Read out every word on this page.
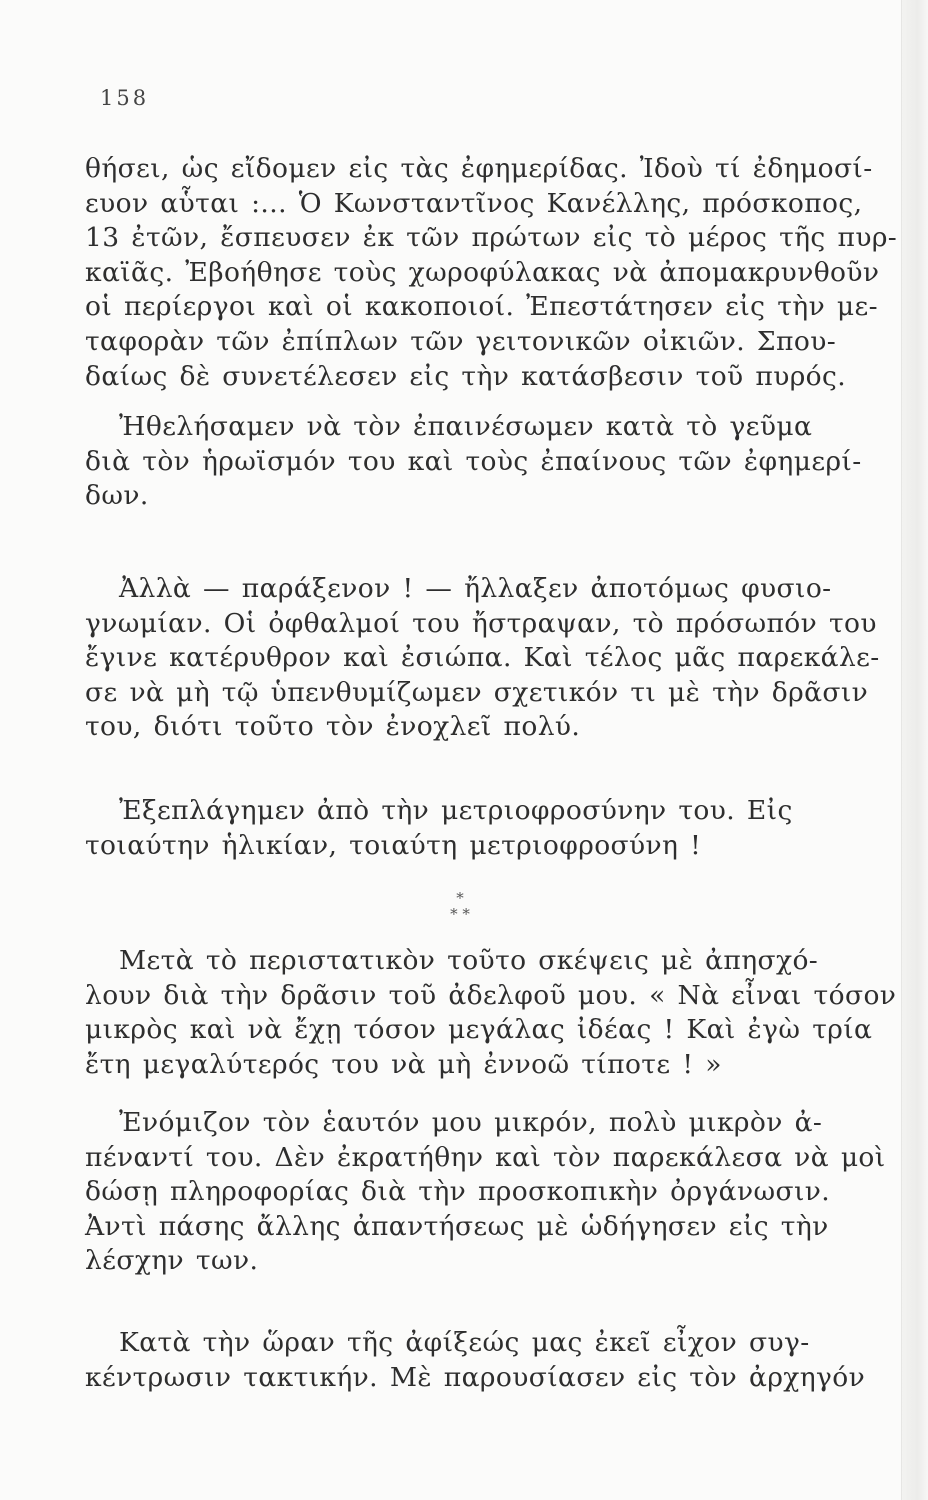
158
θήσει, ὡς εἴδομεν εἰς τὰς ἐφημερίδας. Ἰδοὺ τί ἐδημοσί-
ευον αὗται :... Ὁ Κωνσταντῖνος Κανέλλης, πρόσκοπος,
13 ἐτῶν, ἔσπευσεν ἐκ τῶν πρώτων εἰς τὸ μέρος τῆς πυρ-
καϊᾶς. Ἐβοήθησε τοὺς χωροφύλακας νὰ ἀπομακρυνθοῦν
οἱ περίεργοι καὶ οἱ κακοποιοί. Ἐπεστάτησεν εἰς τὴν με-
ταφορὰν τῶν ἐπίπλων τῶν γειτονικῶν οἰκιῶν. Σπου-
δαίως δὲ συνετέλεσεν εἰς τὴν κατάσβεσιν τοῦ πυρός.
Ἠθελήσαμεν νὰ τὸν ἐπαινέσωμεν κατὰ τὸ γεῦμα
διὰ τὸν ἡρωϊσμόν του καὶ τοὺς ἐπαίνους τῶν ἐφημερί-
δων.
Ἀλλὰ — παράξενον ! — ἤλλαξεν ἀποτόμως φυσιο-
γνωμίαν. Οἱ ὀφθαλμοί του ἤστραψαν, τὸ πρόσωπόν του
ἔγινε κατέρυθρον καὶ ἐσιώπα. Καὶ τέλος μᾶς παρεκάλε-
σε νὰ μὴ τῷ ὑπενθυμίζωμεν σχετικόν τι μὲ τὴν δρᾶσιν
του, διότι τοῦτο τὸν ἐνοχλεῖ πολύ.
Ἐξεπλάγημεν ἀπὸ τὴν μετριοφροσύνην του. Εἰς
τοιαύτην ἡλικίαν, τοιαύτη μετριοφροσύνη !
*
* *
Μετὰ τὸ περιστατικὸν τοῦτο σκέψεις μὲ ἀπησχό-
λουν διὰ τὴν δρᾶσιν τοῦ ἀδελφοῦ μου. « Νὰ εἶναι τόσον
μικρὸς καὶ νὰ ἔχῃ τόσον μεγάλας ἰδέας ! Καὶ ἐγὼ τρία
ἔτη μεγαλύτερός του νὰ μὴ ἐννοῶ τίποτε ! »
Ἐνόμιζον τὸν ἑαυτόν μου μικρόν, πολὺ μικρὸν ἀ-
πέναντί του. Δὲν ἐκρατήθην καὶ τὸν παρεκάλεσα νὰ μοὶ
δώσῃ πληροφορίας διὰ τὴν προσκοπικὴν ὀργάνωσιν.
Ἀντὶ πάσης ἄλλης ἀπαντήσεως μὲ ὡδήγησεν εἰς τὴν
λέσχην των.
Κατὰ τὴν ὥραν τῆς ἀφίξεώς μας ἐκεῖ εἶχον συγ-
κέντρωσιν τακτικήν. Μὲ παρουσίασεν εἰς τὸν ἀρχηγόν
